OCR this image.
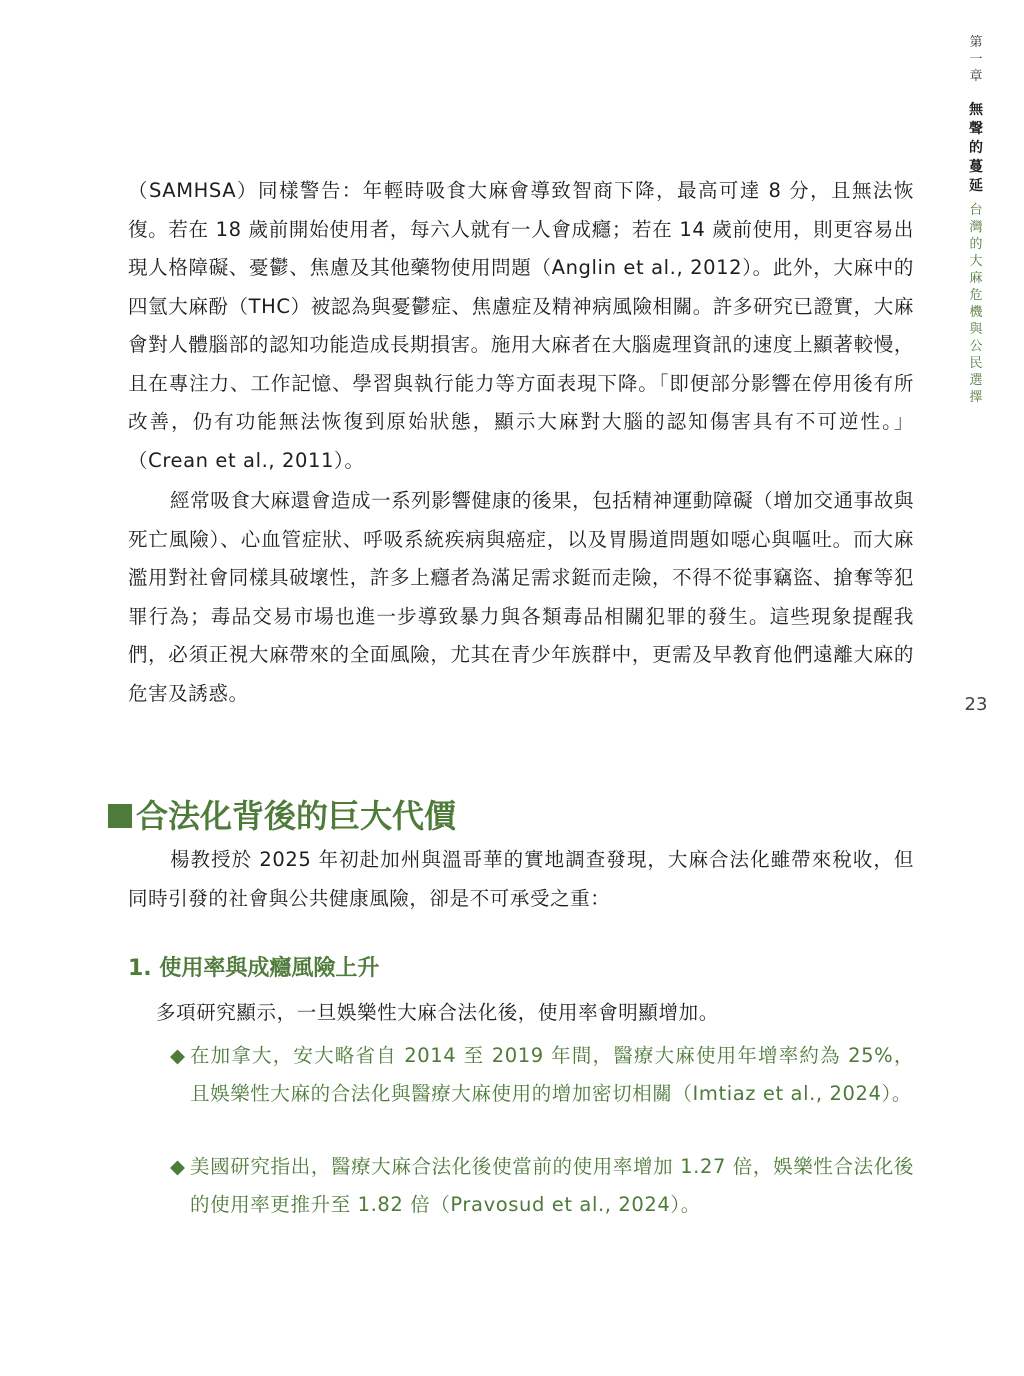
第
一
章
無
聲
的
蔓
延
台
灣
的
大
麻
危
機
與
公
民
選
擇
23

（SAMHSA）同樣警告：年輕時吸食大麻會導致智商下降，最高可達 8 分，且無法恢復。若在 18 歲前開始使用者，每六人就有一人會成癮；若在 14 歲前使用，則更容易出現人格障礙、憂鬱、焦慮及其他藥物使用問題（Anglin et al., 2012）。此外，大麻中的四氫大麻酚（THC）被認為與憂鬱症、焦慮症及精神病風險相關。許多研究已證實，大麻會對人體腦部的認知功能造成長期損害。施用大麻者在大腦處理資訊的速度上顯著較慢，且在專注力、工作記憶、學習與執行能力等方面表現下降。「即便部分影響在停用後有所改善，仍有功能無法恢復到原始狀態，顯示大麻對大腦的認知傷害具有不可逆性。」（Crean et al., 2011）。

經常吸食大麻還會造成一系列影響健康的後果，包括精神運動障礙（增加交通事故與死亡風險）、心血管症狀、呼吸系統疾病與癌症，以及胃腸道問題如噁心與嘔吐。而大麻濫用對社會同樣具破壞性，許多上癮者為滿足需求鋌而走險，不得不從事竊盜、搶奪等犯罪行為；毒品交易市場也進一步導致暴力與各類毒品相關犯罪的發生。這些現象提醒我們，必須正視大麻帶來的全面風險，尤其在青少年族群中，更需及早教育他們遠離大麻的危害及誘惑。

合法化背後的巨大代價

楊教授於 2025 年初赴加州與溫哥華的實地調查發現，大麻合法化雖帶來稅收，但同時引發的社會與公共健康風險，卻是不可承受之重：

1. 使用率與成癮風險上升

多項研究顯示，一旦娛樂性大麻合法化後，使用率會明顯增加。

◆ 在加拿大，安大略省自 2014 至 2019 年間，醫療大麻使用年增率約為 25%，且娛樂性大麻的合法化與醫療大麻使用的增加密切相關（Imtiaz et al., 2024）。
◆ 美國研究指出，醫療大麻合法化後使當前的使用率增加 1.27 倍，娛樂性合法化後的使用率更推升至 1.82 倍（Pravosud et al., 2024）。
